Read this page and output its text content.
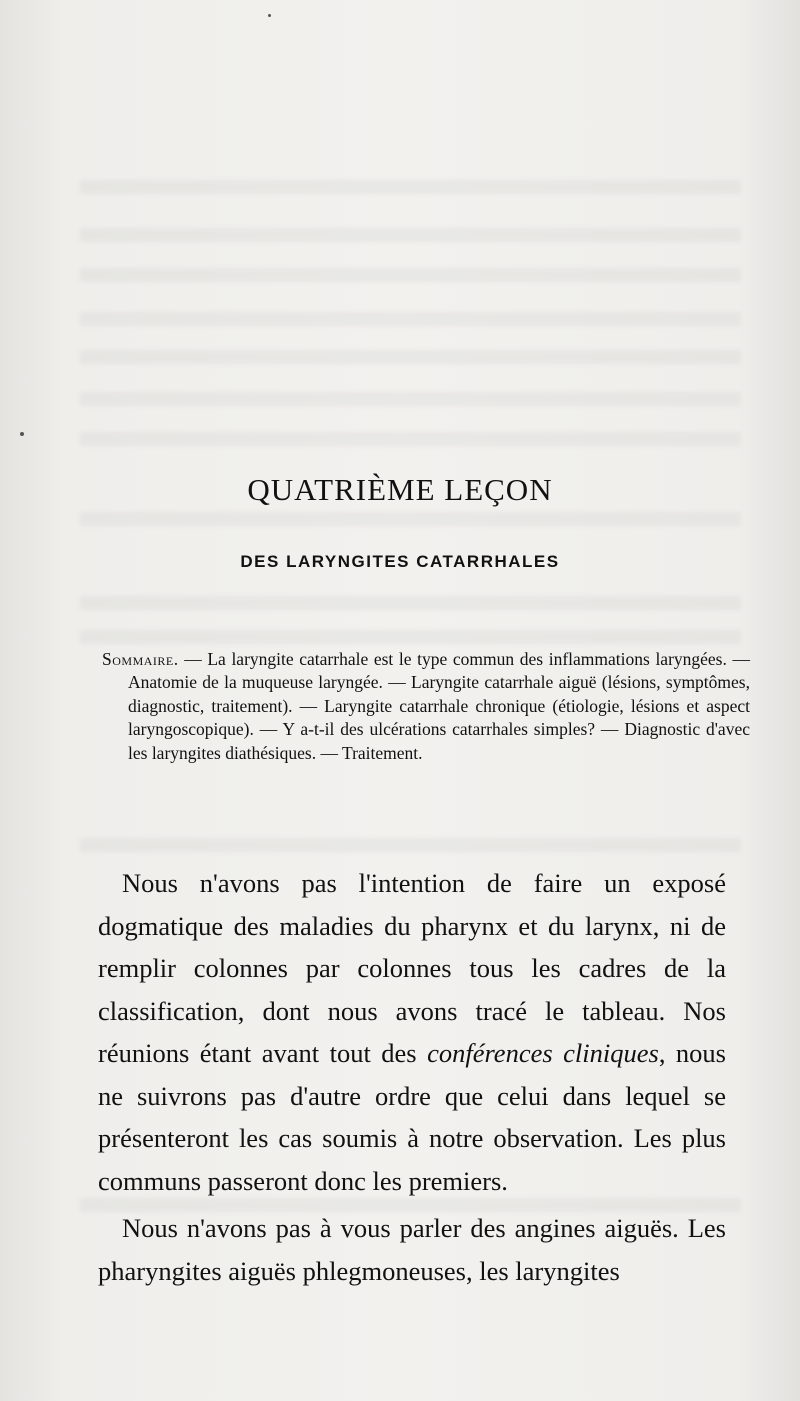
QUATRIÈME LEÇON
DES LARYNGITES CATARRHALES

Sommaire. — La laryngite catarrhale est le type commun des inflammations laryngées. — Anatomie de la muqueuse laryngée. — Laryngite catarrhale aiguë (lésions, symptômes, diagnostic, traitement). — Laryngite catarrhale chronique (étiologie, lésions et aspect laryngoscopique). — Y a-t-il des ulcérations catarrhales simples? — Diagnostic d'avec les laryngites diathésiques. — Traitement.

Nous n'avons pas l'intention de faire un exposé dogmatique des maladies du pharynx et du larynx, ni de remplir colonnes par colonnes tous les cadres de la classification, dont nous avons tracé le tableau. Nos réunions étant avant tout des conférences cliniques, nous ne suivrons pas d'autre ordre que celui dans lequel se présenteront les cas soumis à notre observation. Les plus communs passeront donc les premiers.

Nous n'avons pas à vous parler des angines aiguës. Les pharyngites aiguës phlegmoneuses, les laryngites
